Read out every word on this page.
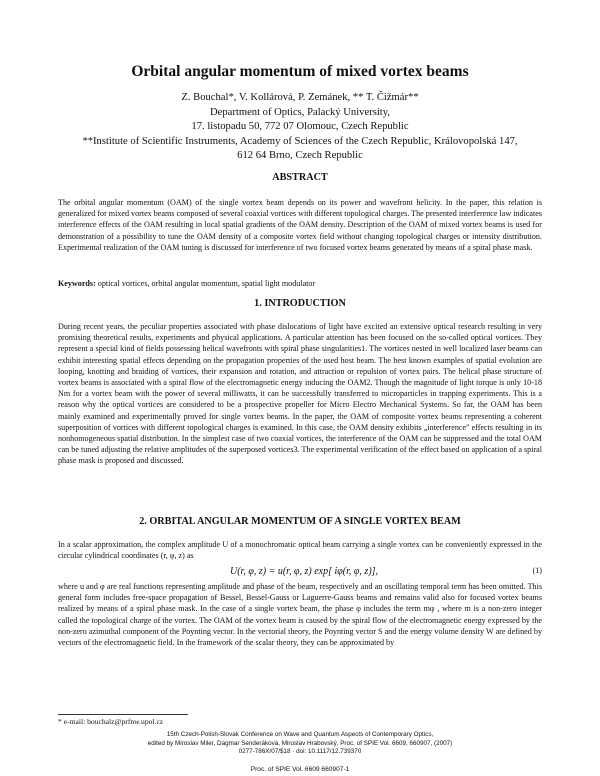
Orbital angular momentum of mixed vortex beams
Z. Bouchal*, V. Kollárová, P. Zemánek, ** T. Čižmár**
Department of Optics, Palacký University,
17. listopadu 50, 772 07 Olomouc, Czech Republic
**Institute of Scientific Instruments, Academy of Sciences of the Czech Republic, Královopolská 147,
612 64 Brno, Czech Republic
ABSTRACT

The orbital angular momentum (OAM) of the single vortex beam depends on its power and wavefront helicity. In the paper, this relation is generalized for mixed vortex beams composed of several coaxial vortices with different topological charges. The presented interference law indicates interference effects of the OAM resulting in local spatial gradients of the OAM density. Description of the OAM of mixed vortex beams is used for demonstration of a possibility to tune the OAM density of a composite vortex field without changing topological charges or intensity distribution. Experimental realization of the OAM tuning is discussed for interference of two focused vortex beams generated by means of a spiral phase mask.

Keywords: optical vortices, orbital angular momentum, spatial light modulator
1. INTRODUCTION

During recent years, the peculiar properties associated with phase dislocations of light have excited an extensive optical research resulting in very promising theoretical results, experiments and physical applications. A particular attention has been focused on the so-called optical vortices. They represent a special kind of fields possessing helical wavefronts with spiral phase singularities1. The vortices nested in well localized laser beams can exhibit interesting spatial effects depending on the propagation properties of the used host beam. The best known examples of spatial evolution are looping, knotting and braiding of vortices, their expansion and rotation, and attraction or repulsion of vortex pairs. The helical phase structure of vortex beams is associated with a spiral flow of the electromagnetic energy inducing the OAM2. Though the magnitude of light torque is only 10-18 Nm for a vortex beam with the power of several milliwatts, it can be successfully transferred to microparticles in trapping experiments. This is a reason why the optical vortices are considered to be a prospective propeller for Micro Electro Mechanical Systems. So far, the OAM has been mainly examined and experimentally proved for single vortex beams. In the paper, the OAM of composite vortex beams representing a coherent superposition of vortices with different topological charges is examined. In this case, the OAM density exhibits „interference" effects resulting in its nonhomogeneous spatial distribution. In the simplest case of two coaxial vortices, the interference of the OAM can be suppressed and the total OAM can be tuned adjusting the relative amplitudes of the superposed vortices3. The experimental verification of the effect based on application of a spiral phase mask is proposed and discussed.

2. ORBITAL ANGULAR MOMENTUM OF A SINGLE VORTEX BEAM

In a scalar approximation, the complex amplitude U of a monochromatic optical beam carrying a single vortex can be conveniently expressed in the circular cylindrical coordinates (r, φ, z) as

U(r, φ, z) = u(r, φ, z) exp[ iφ(r, φ, z)],	(1)

where u and φ are real functions representing amplitude and phase of the beam, respectively and an oscillating temporal term has been omitted. This general form includes free-space propagation of Bessel, Bessel-Gauss or Laguerre-Gauss beams and remains valid also for focused vortex beams realized by means of a spiral phase mask. In the case of a single vortex beam, the phase φ includes the term mφ , where m is a non-zero integer called the topological charge of the vortex. The OAM of the vortex beam is caused by the spiral flow of the electromagnetic energy expressed by the non-zero azimuthal component of the Poynting vector. In the vectorial theory, the Poynting vector S and the energy volume density W are defined by vectors of the electromagnetic field. In the framework of the scalar theory, they can be approximated by

* e-mail: bouchalz@prfnw.upol.cz
15th Czech-Polish-Slovak Conference on Wave and Quantum Aspects of Contemporary Optics,
edited by Miroslav Miler, Dagmar Senderáková, Miroslav Hrabovský, Proc. of SPIE Vol. 6609, 660907, (2007)
0277-786X/07/$18 · doi: 10.1117/12.739370
Proc. of SPIE Vol. 6609 660907-1
